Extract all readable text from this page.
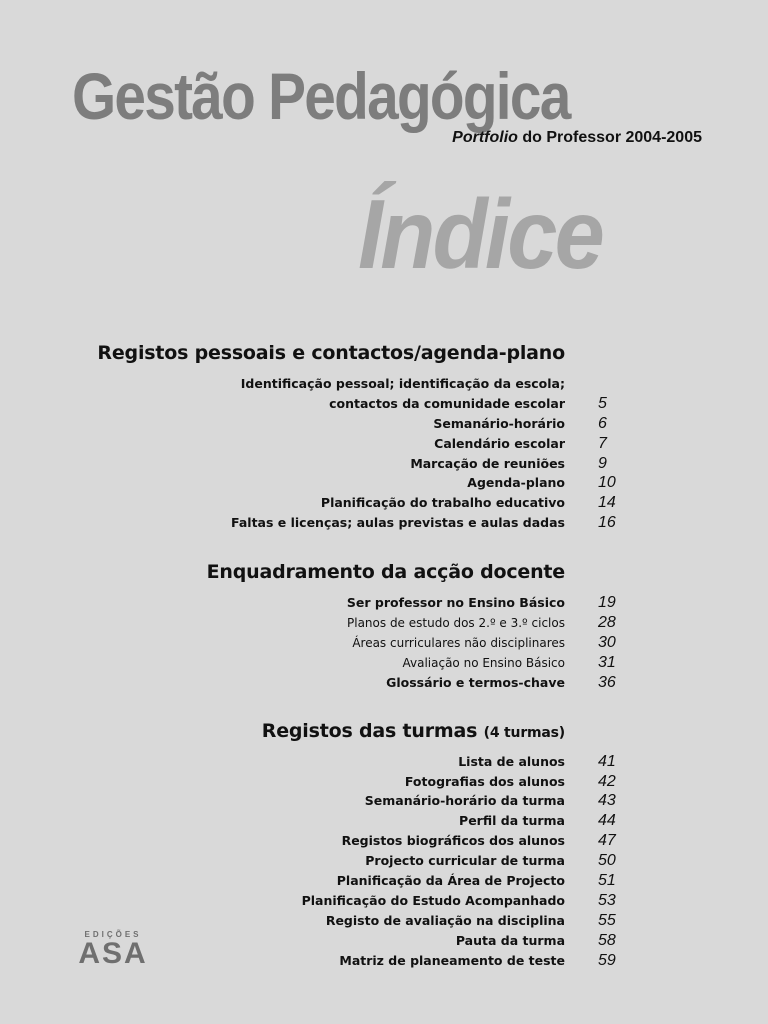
Gestão Pedagógica
Portfolio do Professor 2004-2005
Índice
Registos pessoais e contactos/agenda-plano
Identificação pessoal; identificação da escola;
contactos da comunidade escolar 5
Semanário-horário 6
Calendário escolar 7
Marcação de reuniões 9
Agenda-plano 10
Planificação do trabalho educativo 14
Faltas e licenças; aulas previstas e aulas dadas 16
Enquadramento da acção docente
Ser professor no Ensino Básico 19
Planos de estudo dos 2.º e 3.º ciclos 28
Áreas curriculares não disciplinares 30
Avaliação no Ensino Básico 31
Glossário e termos-chave 36
Registos das turmas (4 turmas)
Lista de alunos 41
Fotografias dos alunos 42
Semanário-horário da turma 43
Perfil da turma 44
Registos biográficos dos alunos 47
Projecto curricular de turma 50
Planificação da Área de Projecto 51
Planificação do Estudo Acompanhado 53
Registo de avaliação na disciplina 55
Pauta da turma 58
Matriz de planeamento de teste 59
EDIÇÕES
ASA
